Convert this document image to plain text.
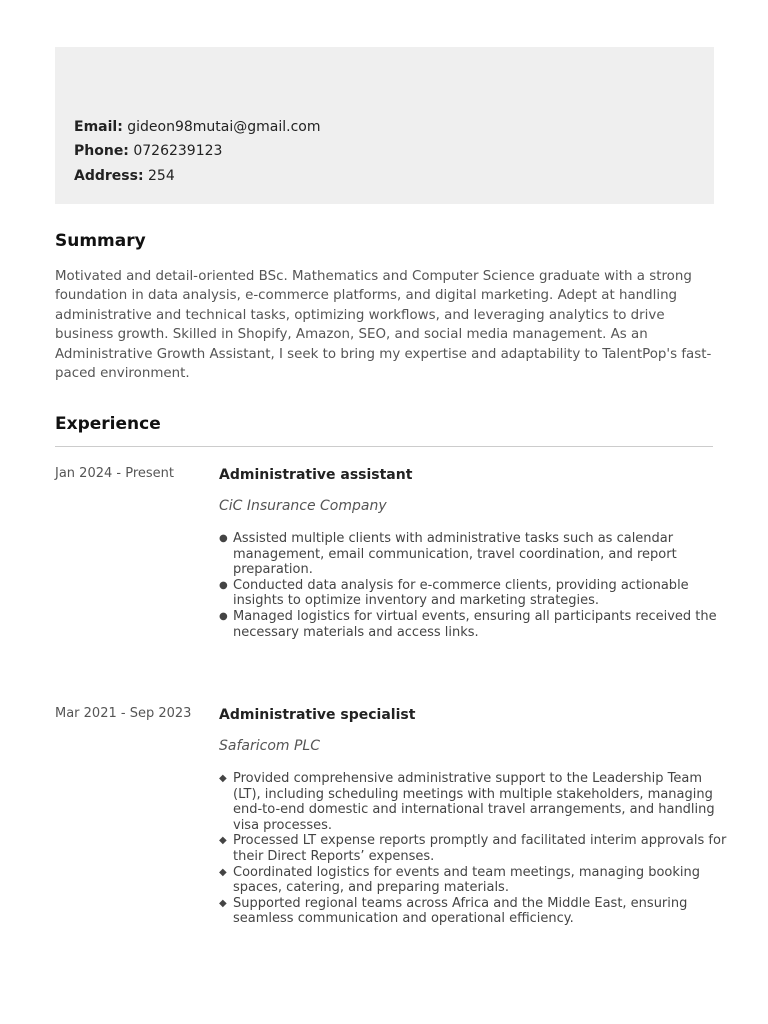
Email: gideon98mutai@gmail.com
Phone: 0726239123
Address: 254
Summary

Motivated and detail-oriented BSc. Mathematics and Computer Science graduate with a strong foundation in data analysis, e-commerce platforms, and digital marketing. Adept at handling administrative and technical tasks, optimizing workflows, and leveraging analytics to drive business growth. Skilled in Shopify, Amazon, SEO, and social media management. As an Administrative Growth Assistant, I seek to bring my expertise and adaptability to TalentPop's fast-paced environment.

Experience
Jan 2024 - Present	Administrative assistant
CiC Insurance Company
● Assisted multiple clients with administrative tasks such as calendar management, email communication, travel coordination, and report preparation.
● Conducted data analysis for e-commerce clients, providing actionable insights to optimize inventory and marketing strategies.
● Managed logistics for virtual events, ensuring all participants received the necessary materials and access links.
Mar 2021 - Sep 2023 Administrative specialist
Safaricom PLC
◆ Provided comprehensive administrative support to the Leadership Team (LT), including scheduling meetings with multiple stakeholders, managing end-to-end domestic and international travel arrangements, and handling visa processes.
◆ Processed LT expense reports promptly and facilitated interim approvals for their Direct Reports’ expenses.
◆ Coordinated logistics for events and team meetings, managing booking spaces, catering, and preparing materials.
◆ Supported regional teams across Africa and the Middle East, ensuring seamless communication and operational efficiency.
